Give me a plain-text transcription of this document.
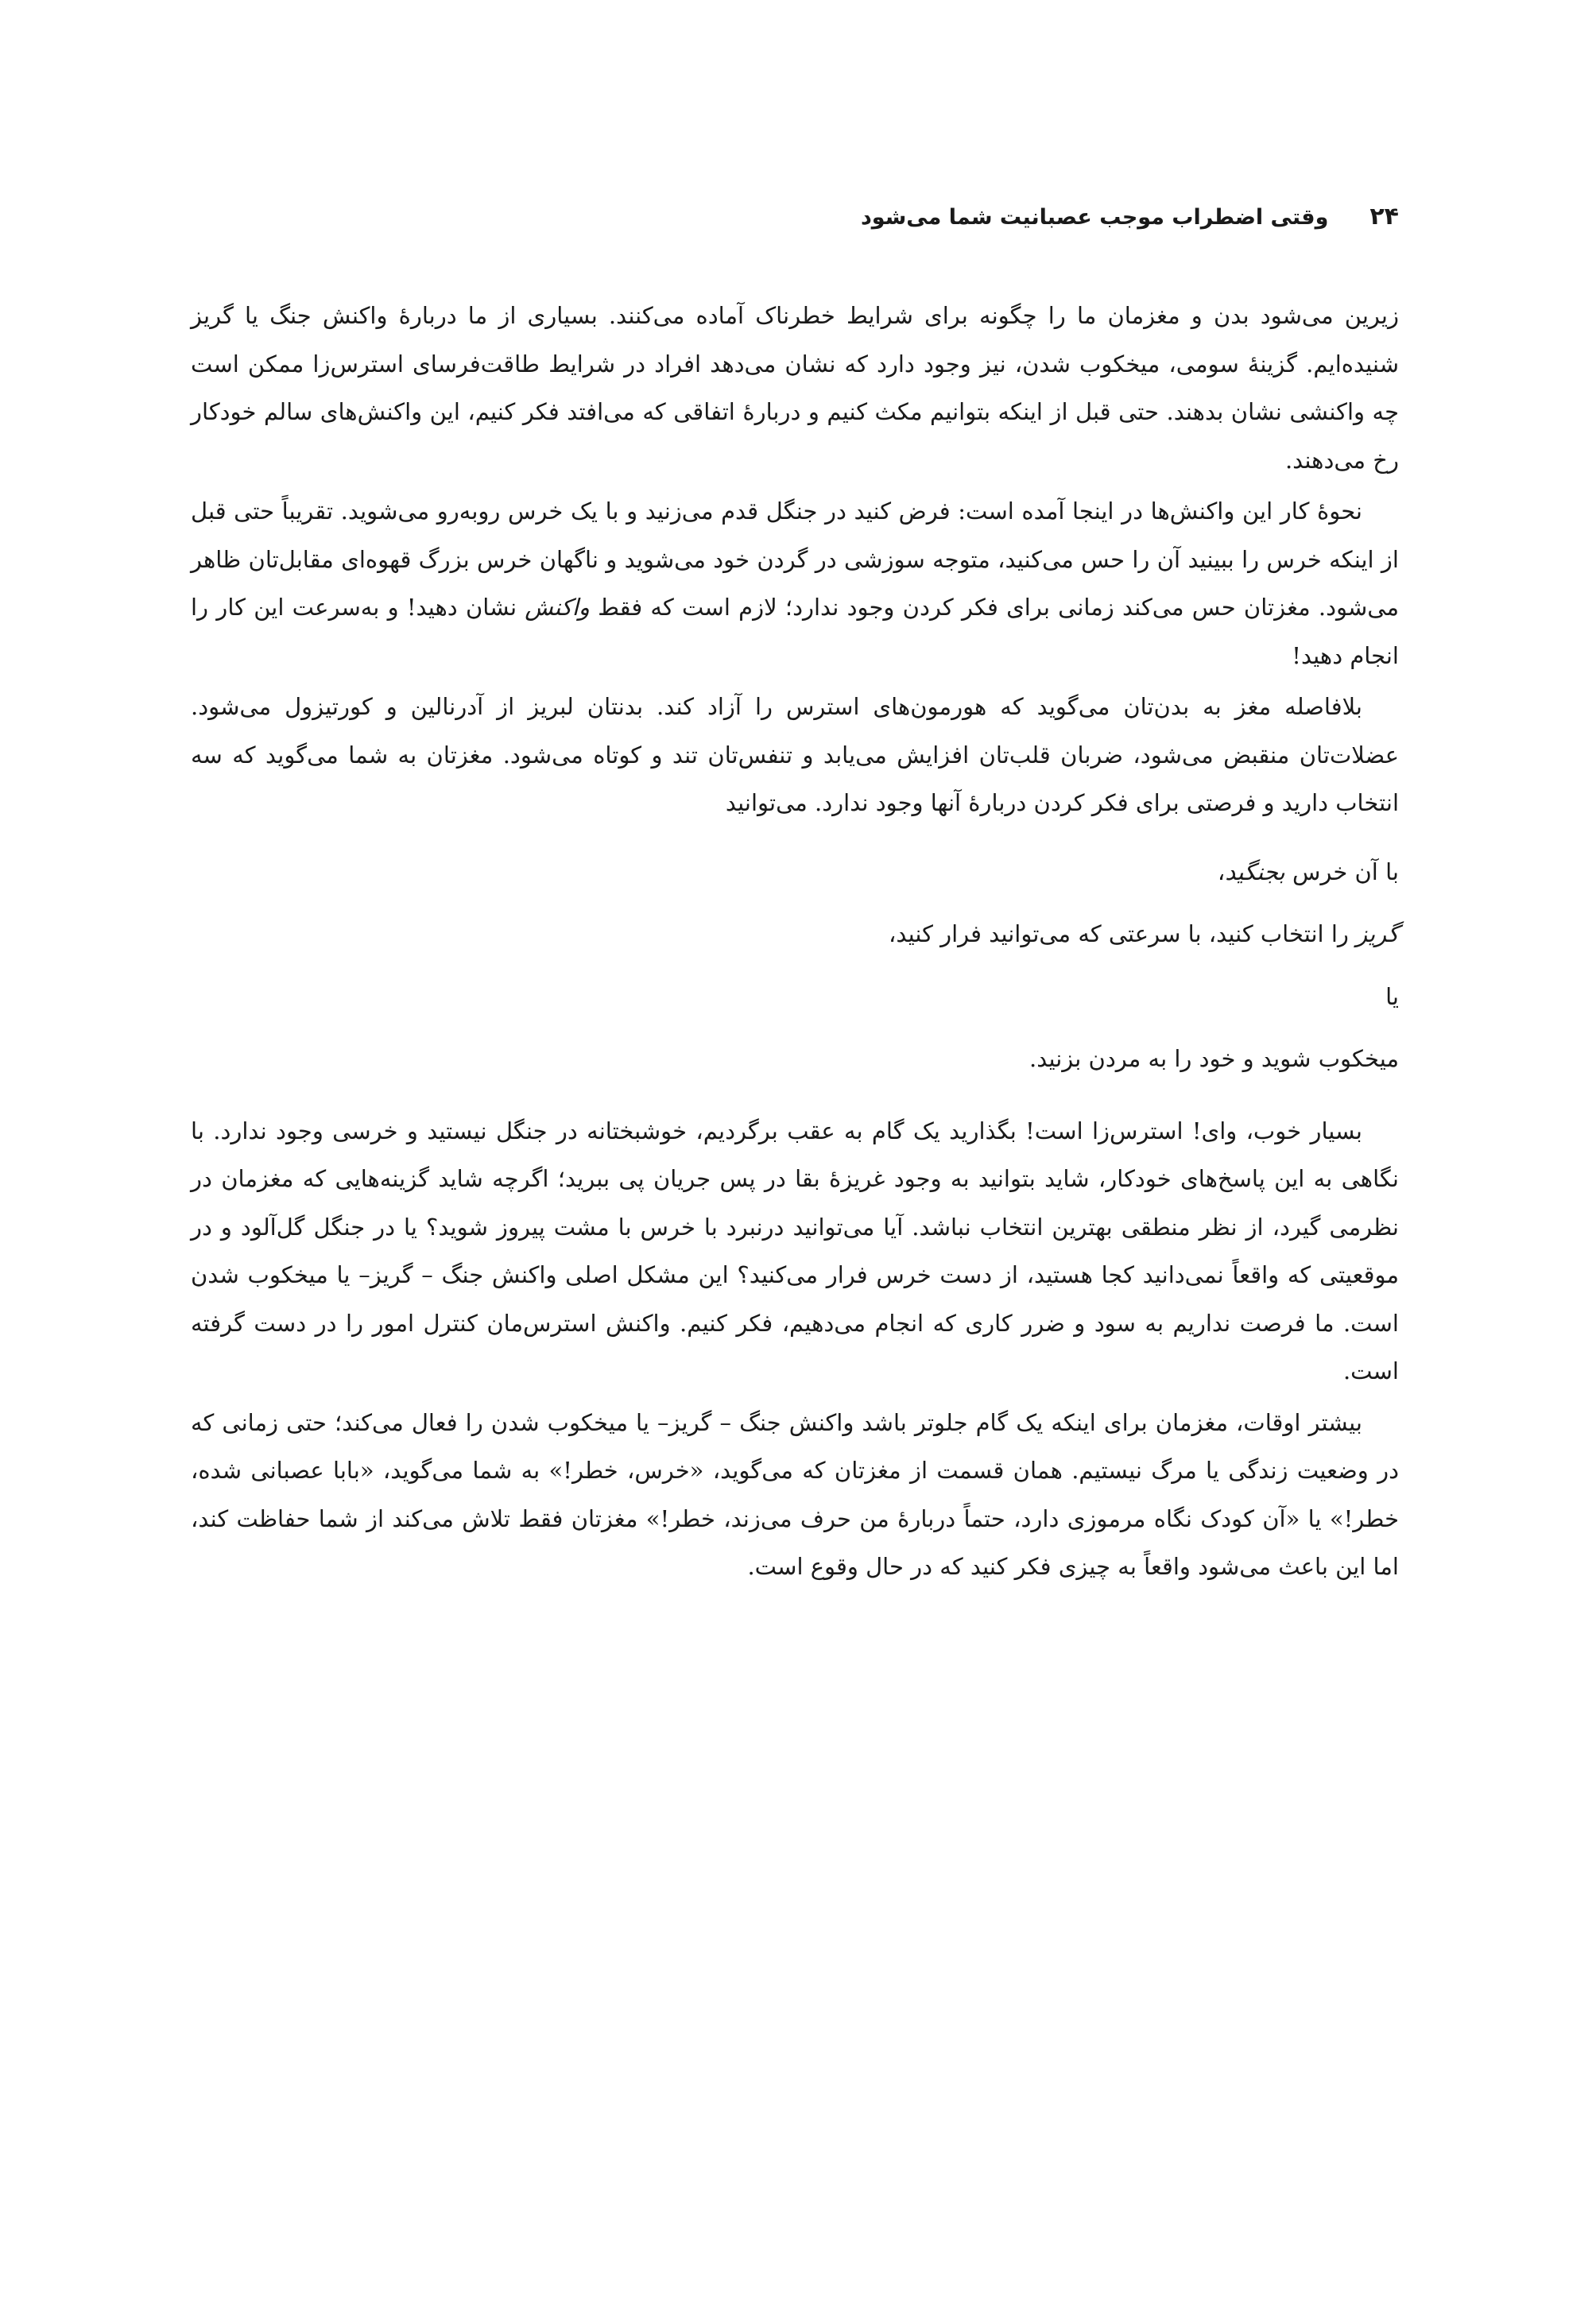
۲۴
وقتی اضطراب موجب عصبانیت شما می‌شود

زیرین می‌شود بدن و مغزمان ما را چگونه برای شرایط خطرناک آماده می‌کنند. بسیاری از ما دربارهٔ واکنش جنگ یا گریز شنیده‌ایم. گزینهٔ سومی، میخکوب شدن، نیز وجود دارد که نشان می‌دهد افراد در شرایط طاقت‌فرسای استرس‌زا ممکن است چه واکنشی نشان بدهند. حتی قبل از اینکه بتوانیم مکث کنیم و دربارهٔ اتفاقی که می‌افتد فکر کنیم، این واکنش‌های سالم خودکار رخ می‌دهند.

نحوهٔ کار این واکنش‌ها در اینجا آمده است: فرض کنید در جنگل قدم می‌زنید و با یک خرس روبه‌رو می‌شوید. تقریباً حتی قبل از اینکه خرس را ببینید آن را حس می‌کنید، متوجه سوزشی در گردن خود می‌شوید و ناگهان خرس بزرگ قهوه‌ای مقابل‌تان ظاهر می‌شود. مغزتان حس می‌کند زمانی برای فکر کردن وجود ندارد؛ لازم است که فقط واکنش نشان دهید! و به‌سرعت این کار را انجام دهید!

بلافاصله مغز به بدن‌تان می‌گوید که هورمون‌های استرس را آزاد کند. بدنتان لبریز از آدرنالین و کورتیزول می‌شود. عضلات‌تان منقبض می‌شود، ضربان قلب‌تان افزایش می‌یابد و تنفس‌تان تند و کوتاه می‌شود. مغزتان به شما می‌گوید که سه انتخاب دارید و فرصتی برای فکر کردن دربارهٔ آنها وجود ندارد. می‌توانید

با آن خرس بجنگید،
گریز را انتخاب کنید، با سرعتی که می‌توانید فرار کنید،
یا
میخکوب شوید و خود را به مردن بزنید.

بسیار خوب، وای! استرس‌زا است! بگذارید یک گام به عقب برگردیم، خوشبختانه در جنگل نیستید و خرسی وجود ندارد. با نگاهی به این پاسخ‌های خودکار، شاید بتوانید به وجود غریزهٔ بقا در پس جریان پی ببرید؛ اگرچه شاید گزینه‌هایی که مغزمان در نظرمی گیرد، از نظر منطقی بهترین انتخاب نباشد. آیا می‌توانید درنبرد با خرس با مشت پیروز شوید؟ یا در جنگل گل‌آلود و در موقعیتی که واقعاً نمی‌دانید کجا هستید، از دست خرس فرار می‌کنید؟ این مشکل اصلی واکنش جنگ – گریز– یا میخکوب شدن است. ما فرصت نداریم به سود و ضرر کاری که انجام می‌دهیم، فکر کنیم. واکنش استرس‌مان کنترل امور را در دست گرفته است.

بیشتر اوقات، مغزمان برای اینکه یک گام جلوتر باشد واکنش جنگ – گریز– یا میخکوب شدن را فعال می‌کند؛ حتی زمانی که در وضعیت زندگی یا مرگ نیستیم. همان قسمت از مغزتان که می‌گوید، «خرس، خطر!» به شما می‌گوید، «بابا عصبانی شده، خطر!» یا «آن کودک نگاه مرموزی دارد، حتماً دربارهٔ من حرف می‌زند، خطر!» مغزتان فقط تلاش می‌کند از شما حفاظت کند، اما این باعث می‌شود واقعاً به چیزی فکر کنید که در حال وقوع است.
